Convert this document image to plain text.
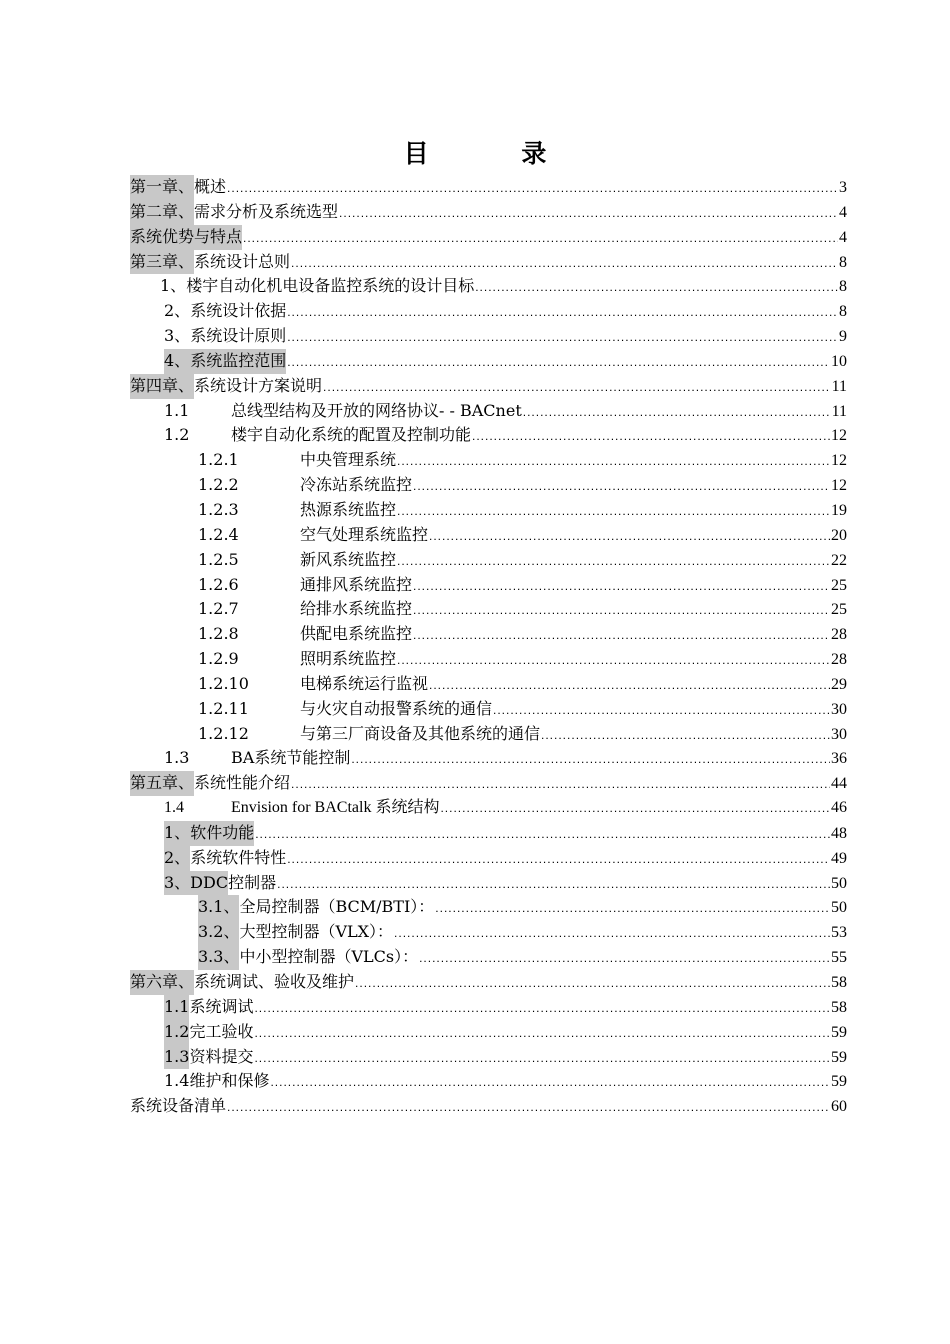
目 录
第一章、 概述 .....	3
第二章、 需求分析及系统选型 .....	4
系统优势与特点 .....	4
第三章、 系统设计总则 .....	8
1、 楼宇自动化机电设备监控系统的设计目标 .....	8
2、 系统设计依据 .....	8
3、 系统设计原则 .....	9
4、 系统监控范围 .....	10
第四章、 系统设计方案说明 .....	11
1.1	总线型结构及开放的网络协议- - BACnet .....	11
1.2	楼宇自动化系统的配置及控制功能 .....	12
1.2.1	中央管理系统 .....	12
1.2.2	冷冻站系统监控 .....	12
1.2.3	热源系统监控 .....	19
1.2.4	空气处理系统监控 .....	20
1.2.5	新风系统监控 .....	22
1.2.6	通排风系统监控 .....	25
1.2.7	给排水系统监控 .....	25
1.2.8	供配电系统监控 .....	28
1.2.9	照明系统监控 .....	28
1.2.10	电梯系统运行监视 .....	29
1.2.11	与火灾自动报警系统的通信 .....	30
1.2.12	与第三厂商设备及其他系统的通信 .....	30
1.3	BA系统节能控制 .....	36
第五章、 系统性能介绍 .....	44
1.4	Envision for BACtalk 系统结构 .....	46
1、 软件功能 .....	48
2、 系统软件特性 .....	49
3、DDC 控制器 .....	50
3.1、 全局控制器（BCM/BTI）： .....	50
3.2、 大型控制器（VLX）： .....	53
3.3、 中小型控制器（VLCs）： .....	55
第六章、 系统调试、验收及维护 .....	58
1.1 系统调试 .....	58
1.2 完工验收 .....	59
1.3 资料提交 .....	59
1.4 维护和保修 .....	59
系统设备清单 .....	60
